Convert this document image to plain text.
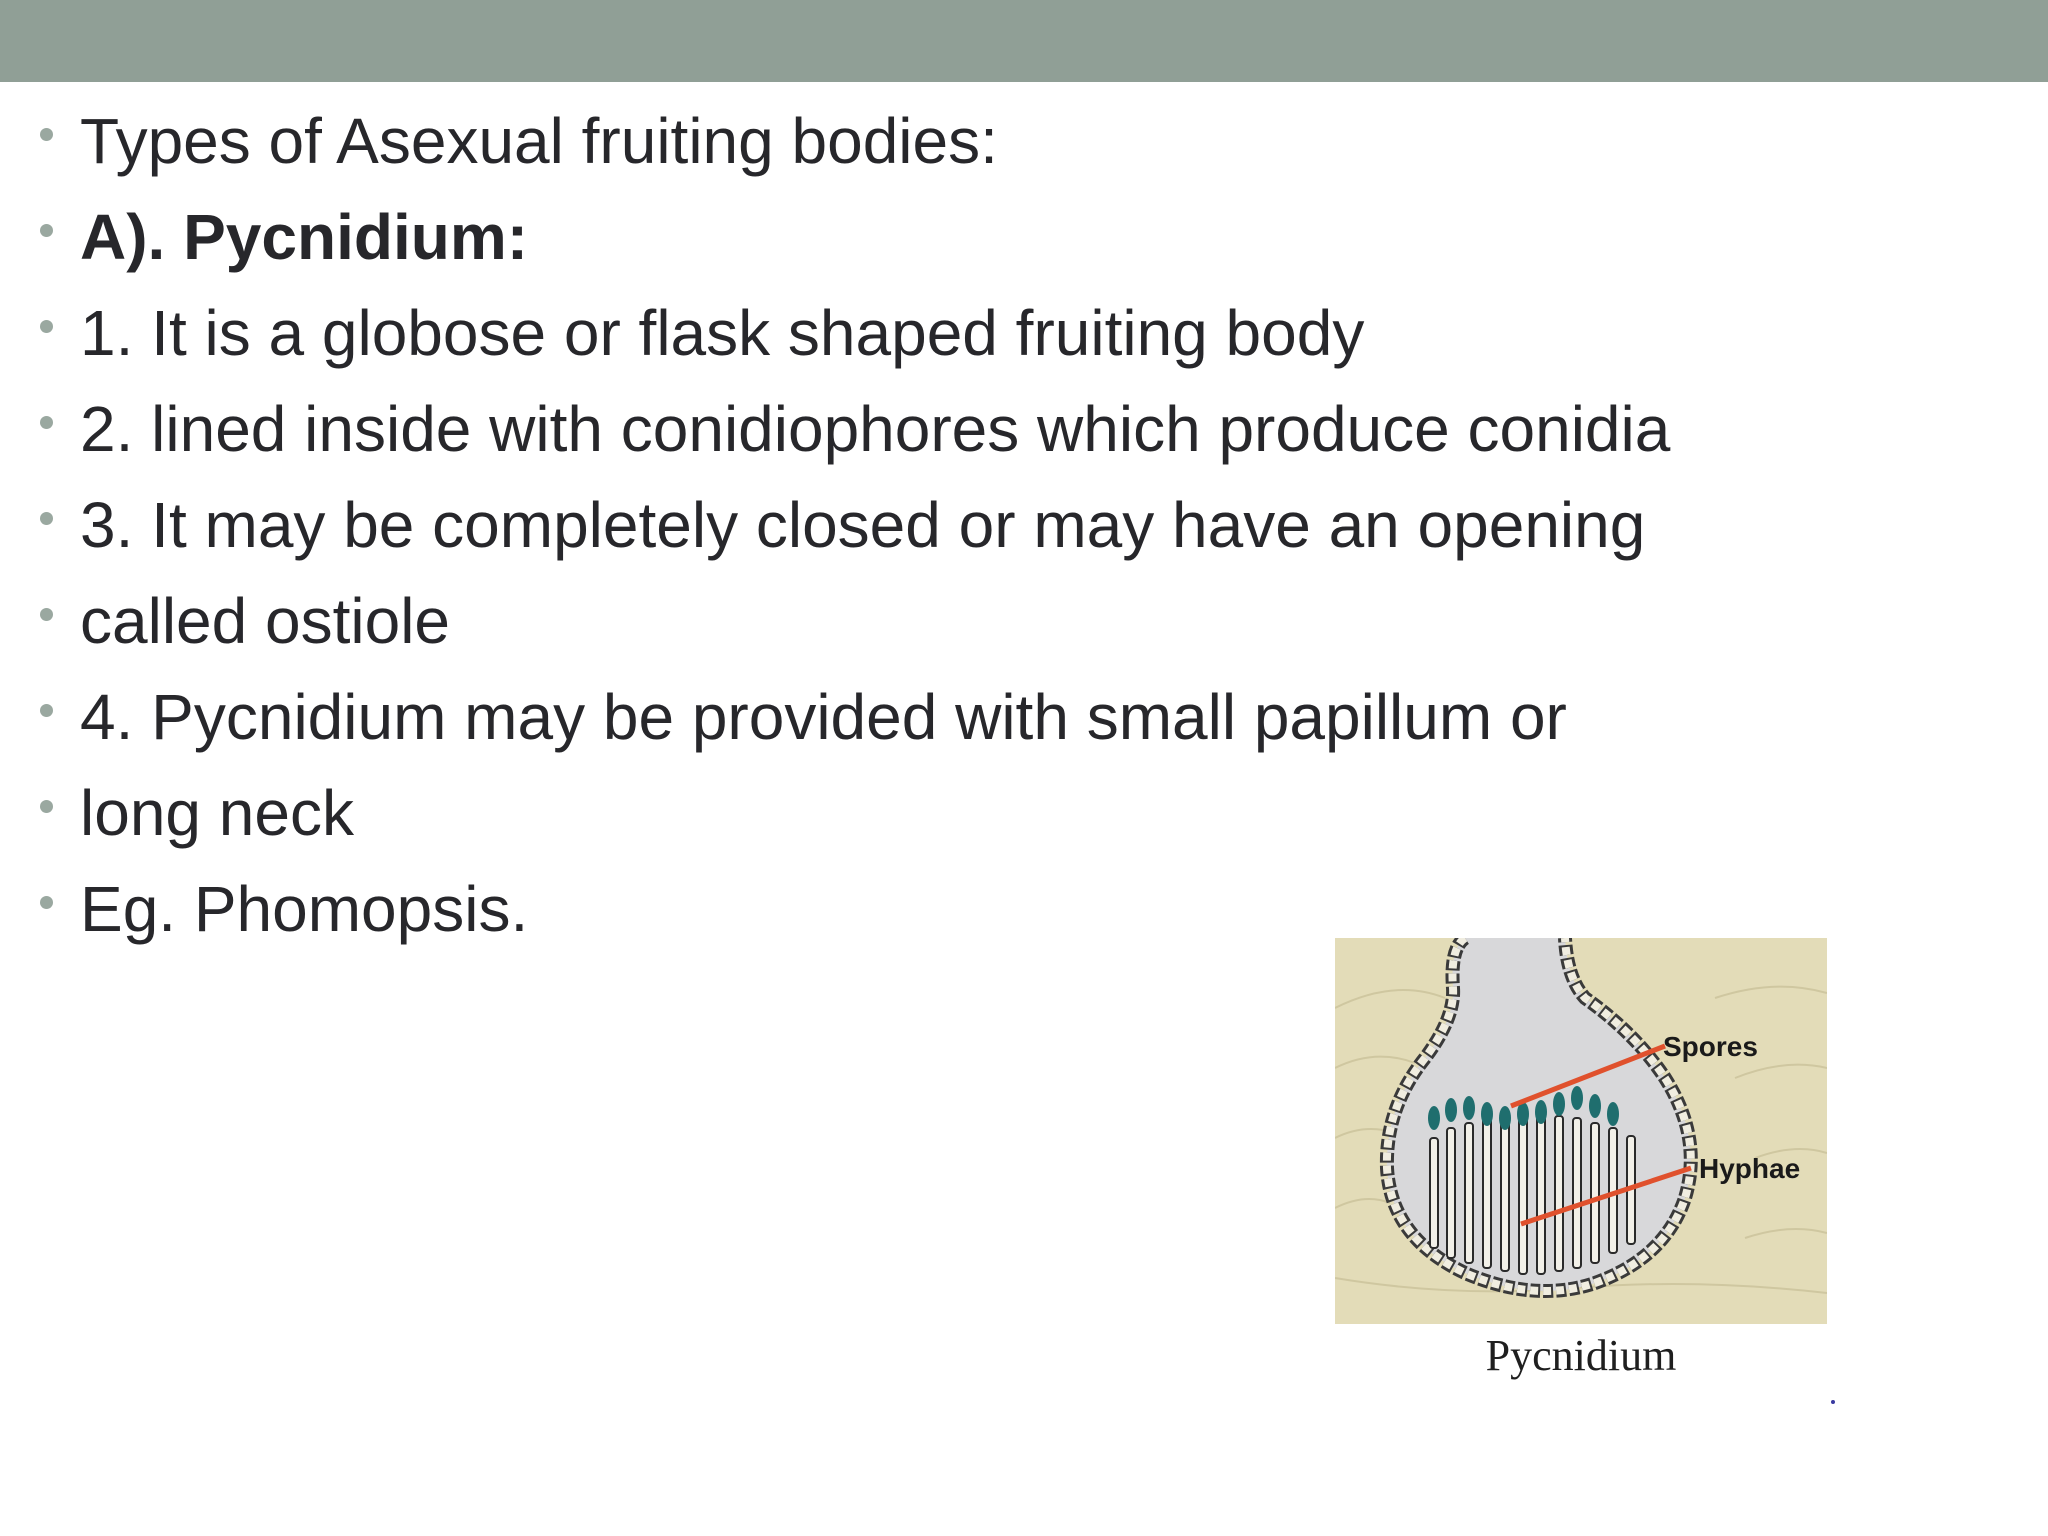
Types of Asexual fruiting bodies:
A). Pycnidium:
1. It is a globose or flask shaped fruiting body
2. lined inside with conidiophores which produce conidia
3. It may be completely closed or may have an opening
called ostiole
4. Pycnidium may be provided with small papillum or
long neck
Eg. Phomopsis.
Spores
Hyphae
Pycnidium
